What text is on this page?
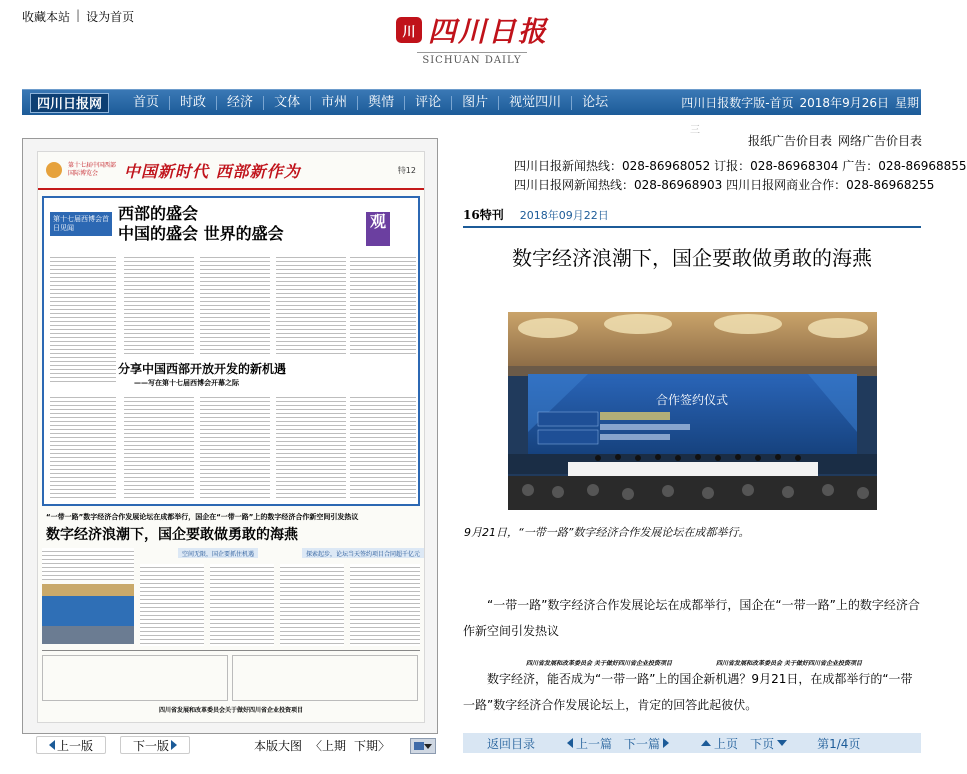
收藏本站 | 设为首页
川 四川日报
SICHUAN DAILY
四川日报网	首页	时政	经济	文体	市州	舆情	评论	图片	视觉四川	论坛	四川日报数字版-首页 2018年9月26日 星期
三
第十七届中国西部国际博览会	中国新时代 西部新作为	特12
第十七届西博会首日见闻
西部的盛会
中国的盛会 世界的盛会
观
分享中国西部开放开发的新机遇
——写在第十七届西博会开幕之际
“一带一路”数字经济合作发展论坛在成都举行，国企在“一带一路”上的数字经济合作新空间引发热议
数字经济浪潮下，国企要敢做勇敢的海燕
空间无限，国企要抓住机遇	探索起步，论坛当天签约项目合同超千亿元
四川省发展和改革委员会 关于做好四川省企业投资项目	四川省发展和改革委员会 关于做好四川省企业投资项目
四川省发展和改革委员会关于做好四川省企业投资项目
上一版	下一版	本版大图 〈上期 下期〉
报纸广告价目表 网络广告价目表
四川日报新闻热线：028-86968052 订报：028-86968304 广告：028-86968855
四川日报网新闻热线：028-86968903 四川日报网商业合作：028-86968255
16特刊 2018年09月22日
数字经济浪潮下，国企要敢做勇敢的海燕
合作签约仪式
9月21日，“一带一路”数字经济合作发展论坛在成都举行。

“一带一路”数字经济合作发展论坛在成都举行，国企在“一带一路”上的数字经济合作新空间引发热议

数字经济，能否成为“一带一路”上的国企新机遇？9月21日，在成都举行的“一带一路”数字经济合作发展论坛上，肯定的回答此起彼伏。

返回目录	上一篇 下一篇	上页 下页	第1/4页
